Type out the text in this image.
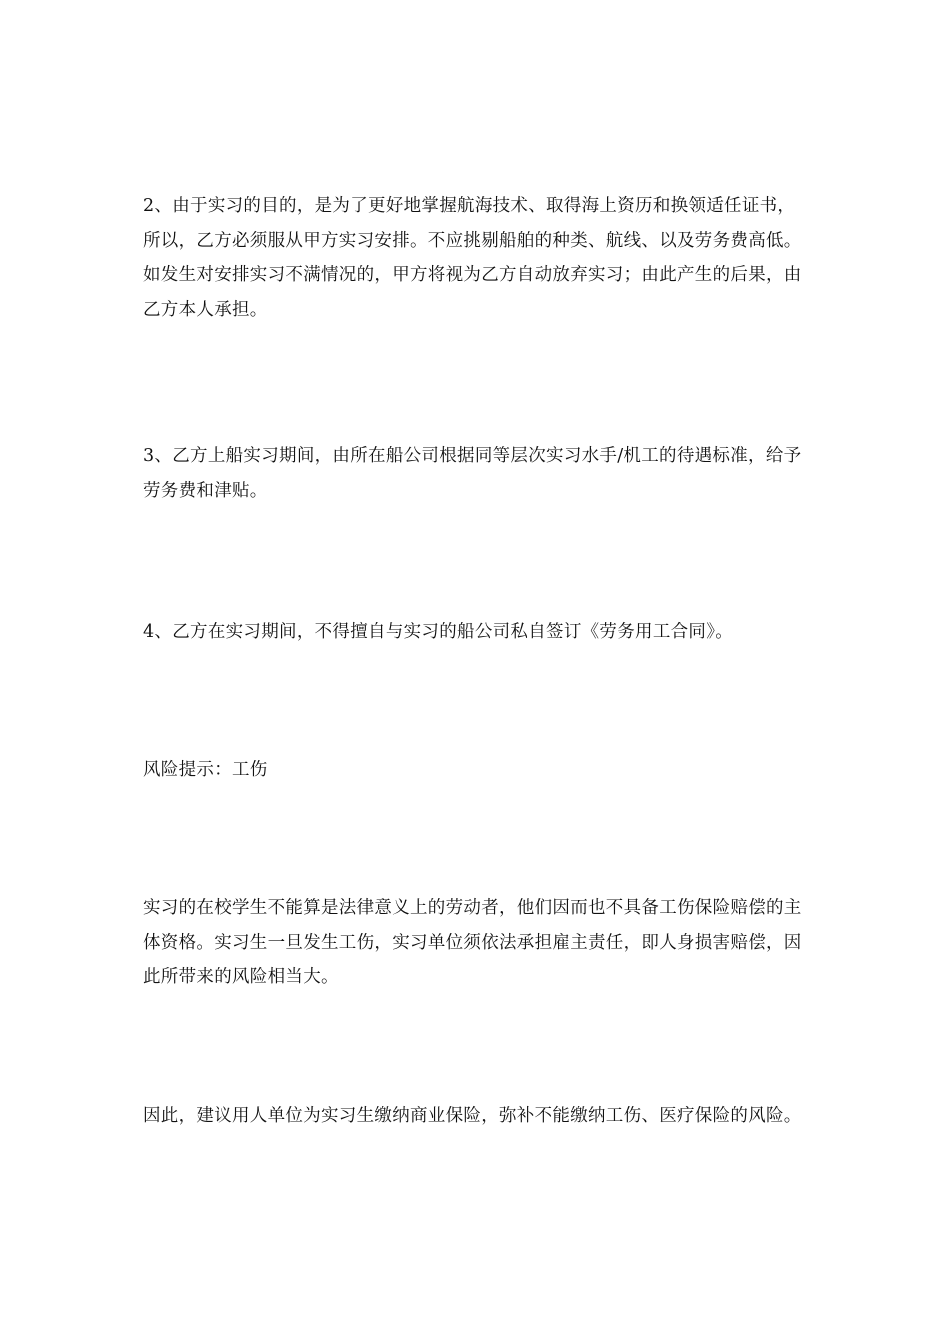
2、由于实习的目的，是为了更好地掌握航海技术、取得海上资历和换领适任证书，所以，乙方必须服从甲方实习安排。不应挑剔船舶的种类、航线、以及劳务费高低。如发生对安排实习不满情况的，甲方将视为乙方自动放弃实习；由此产生的后果，由乙方本人承担。

3、乙方上船实习期间，由所在船公司根据同等层次实习水手/机工的待遇标准，给予劳务费和津贴。

4、乙方在实习期间，不得擅自与实习的船公司私自签订《劳务用工合同》。

风险提示：工伤

实习的在校学生不能算是法律意义上的劳动者，他们因而也不具备工伤保险赔偿的主体资格。实习生一旦发生工伤，实习单位须依法承担雇主责任，即人身损害赔偿，因此所带来的风险相当大。

因此，建议用人单位为实习生缴纳商业保险，弥补不能缴纳工伤、医疗保险的风险。
